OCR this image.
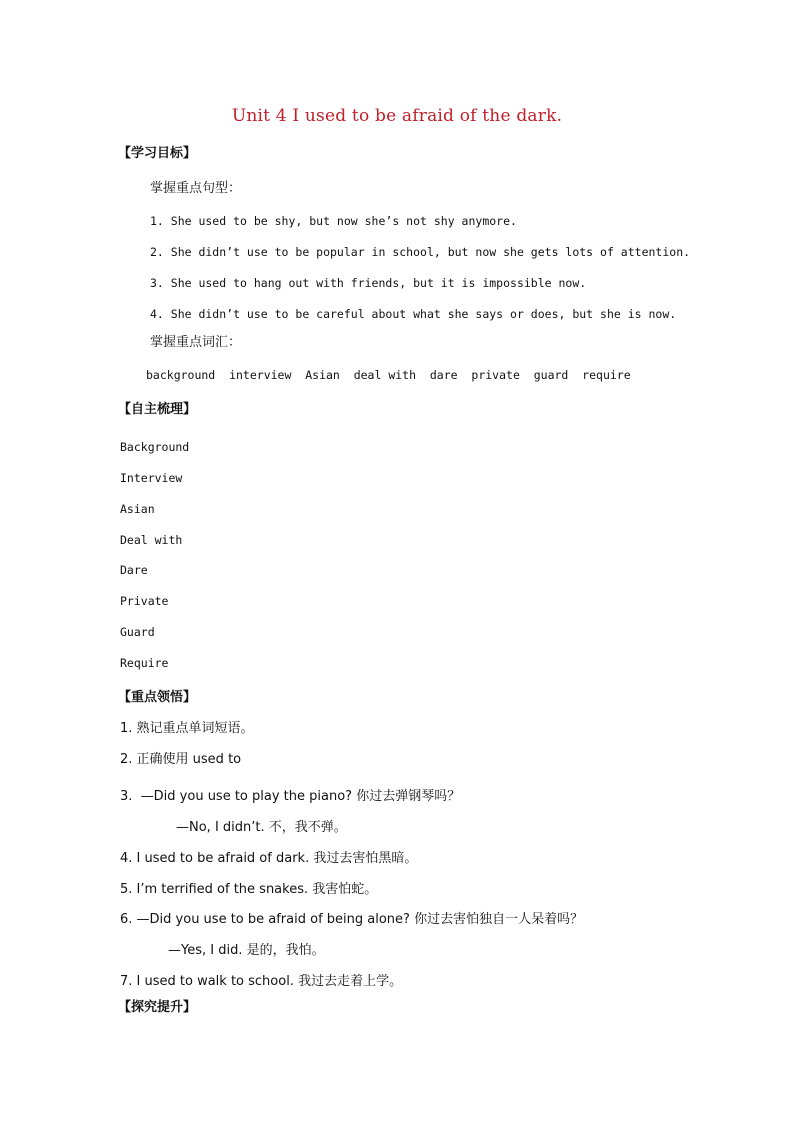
Unit 4 I used to be afraid of the dark.
【学习目标】
掌握重点句型：
1. She used to be shy, but now she’s not shy anymore.
2. She didn’t use to be popular in school, but now she gets lots of attention.
3. She used to hang out with friends, but it is impossible now.
4. She didn’t use to be careful about what she says or does, but she is now.
掌握重点词汇：
background  interview  Asian  deal with  dare  private  guard  require
【自主梳理】
Background
Interview
Asian
Deal with
Dare
Private
Guard
Require
【重点领悟】
1. 熟记重点单词短语。
2. 正确使用 used to
3.  —Did you use to play the piano? 你过去弹钢琴吗？
—No, I didn’t. 不，我不弹。
4. I used to be afraid of dark. 我过去害怕黑暗。
5. I’m terrified of the snakes. 我害怕蛇。
6. —Did you use to be afraid of being alone? 你过去害怕独自一人呆着吗？
—Yes, I did. 是的，我怕。
7. I used to walk to school. 我过去走着上学。
【探究提升】
